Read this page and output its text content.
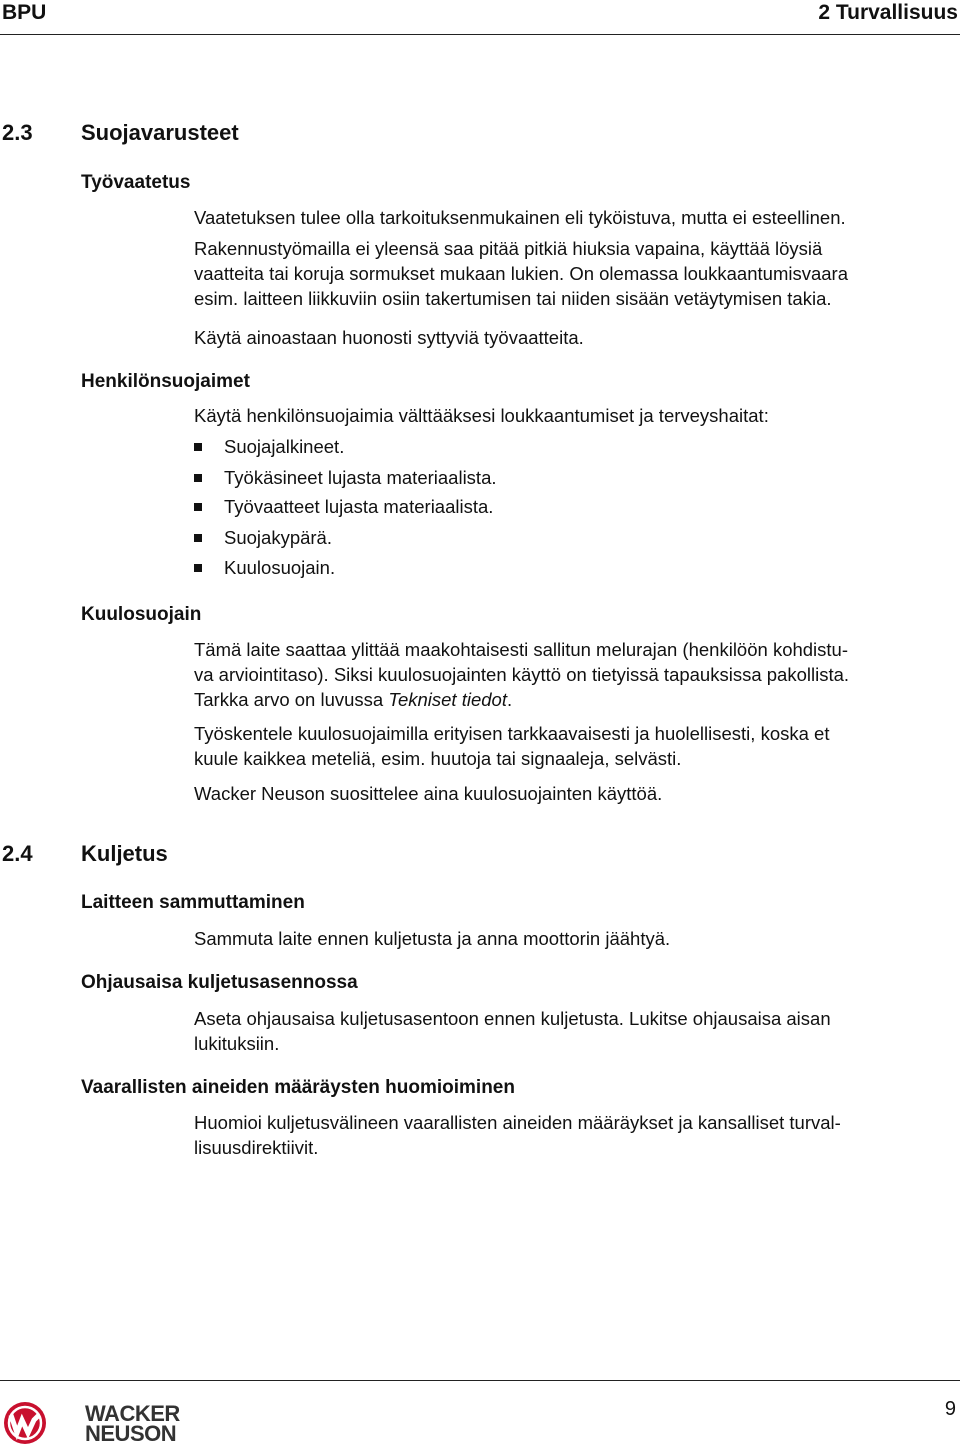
BPU	2 Turvallisuus
2.3 Suojavarusteet
Työvaatetus
Vaatetuksen tulee olla tarkoituksenmukainen eli tyköistuva, mutta ei esteellinen.
Rakennustyömailla ei yleensä saa pitää pitkiä hiuksia vapaina, käyttää löysiä
vaatteita tai koruja sormukset mukaan lukien. On olemassa loukkaantumisvaara
esim. laitteen liikkuviin osiin takertumisen tai niiden sisään vetäytymisen takia.
Käytä ainoastaan huonosti syttyviä työvaatteita.
Henkilönsuojaimet
Käytä henkilönsuojaimia välttääksesi loukkaantumiset ja terveyshaitat:
Suojajalkineet.
Työkäsineet lujasta materiaalista.
Työvaatteet lujasta materiaalista.
Suojakypärä.
Kuulosuojain.
Kuulosuojain
Tämä laite saattaa ylittää maakohtaisesti sallitun melurajan (henkilöön kohdistu-
va arviointitaso). Siksi kuulosuojainten käyttö on tietyissä tapauksissa pakollista.
Tarkka arvo on luvussa Tekniset tiedot.
Työskentele kuulosuojaimilla erityisen tarkkaavaisesti ja huolellisesti, koska et
kuule kaikkea meteliä, esim. huutoja tai signaaleja, selvästi.
Wacker Neuson suosittelee aina kuulosuojainten käyttöä.
2.4 Kuljetus
Laitteen sammuttaminen
Sammuta laite ennen kuljetusta ja anna moottorin jäähtyä.
Ohjausaisa kuljetusasennossa
Aseta ohjausaisa kuljetusasentoon ennen kuljetusta. Lukitse ohjausaisa aisan
lukituksiin.
Vaarallisten aineiden määräysten huomioiminen
Huomioi kuljetusvälineen vaarallisten aineiden määräykset ja kansalliset turval-
lisuusdirektiivit.
WACKER
NEUSON
9
